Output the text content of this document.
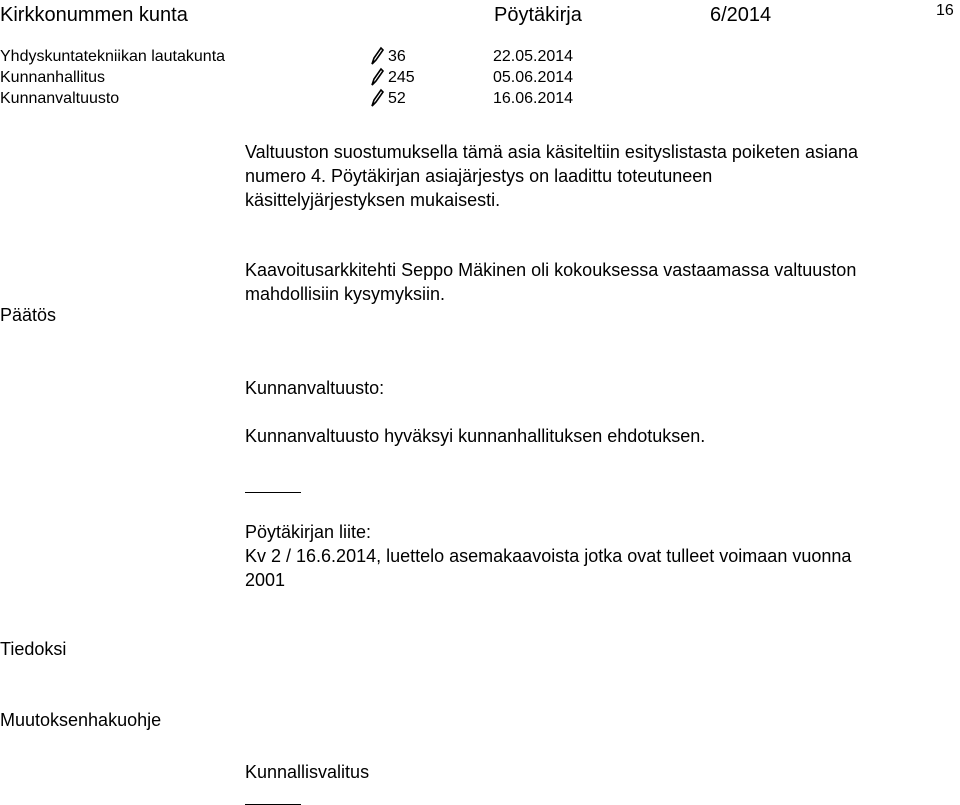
Kirkkonummen kunta	Pöytäkirja	6/2014	16
Yhdyskuntatekniikan lautakunta	36	22.05.2014
Kunnanhallitus	245	05.06.2014
Kunnanvaltuusto	52	16.06.2014
Valtuuston suostumuksella tämä asia käsiteltiin esityslistasta poiketen asiana
numero 4. Pöytäkirjan asiajärjestys on laadittu toteutuneen
käsittelyjärjestyksen mukaisesti.
Päätös
Kaavoitusarkkitehti Seppo Mäkinen oli kokouksessa vastaamassa valtuuston
mahdollisiin kysymyksiin.
Kunnanvaltuusto:
Kunnanvaltuusto hyväksyi kunnanhallituksen ehdotuksen.
Pöytäkirjan liite:
Kv 2 / 16.6.2014, luettelo asemakaavoista jotka ovat tulleet voimaan vuonna
2001
Tiedoksi
Muutoksenhakuohje
Kunnallisvalitus
